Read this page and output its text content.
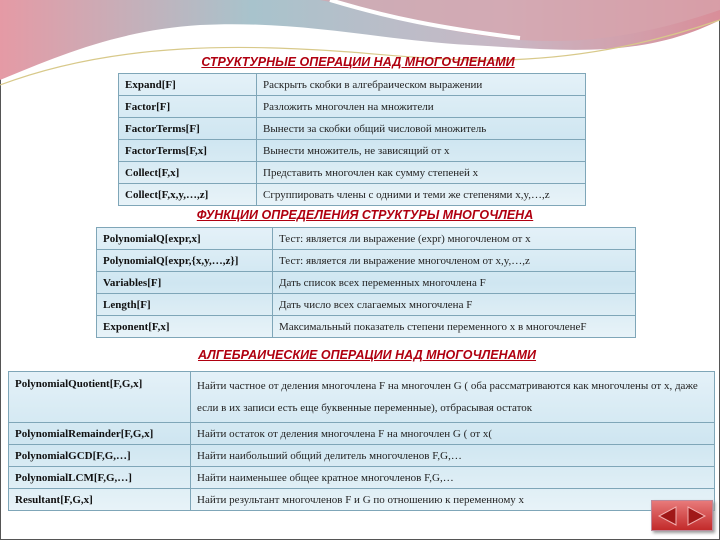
СТРУКТУРНЫЕ ОПЕРАЦИИ НАД МНОГОЧЛЕНАМИ
Expand[F]	Раскрыть скобки в алгебраическом выражении
Factor[F]	Разложить многочлен на множители
FactorTerms[F]	Вынести за скобки общий числовой множитель
FactorTerms[F,x]	Вынести множитель, не зависящий от x
Collect[F,x]	Представить многочлен как сумму степеней x
Collect[F,x,y,…,z]	Сгруппировать члены с одними и теми же степенями x,y,…,z
ФУНКЦИИ ОПРЕДЕЛЕНИЯ СТРУКТУРЫ МНОГОЧЛЕНА
PolynomialQ[expr,x]	Тест: является ли выражение (expr) многочленом от x
PolynomialQ[expr,{x,y,…,z}]	Тест: является ли выражение многочленом от x,y,…,z
Variables[F]	Дать список всех переменных многочлена F
Length[F]	Дать число всех слагаемых многочлена F
Exponent[F,x]	Максимальный показатель степени переменного x в многочленеF
АЛГЕБРАИЧЕСКИЕ ОПЕРАЦИИ НАД МНОГОЧЛЕНАМИ
PolynomialQuotient[F,G,x]	Найти частное от деления многочлена F на многочлен G ( оба рассматриваются как многочлены от x, даже если в их записи есть еще буквенные переменные), отбрасывая остаток
PolynomialRemainder[F,G,x]	Найти остаток от деления многочлена F на многочлен G ( от x(
PolynomialGCD[F,G,…]	Найти наибольший общий делитель многочленов F,G,…
PolynomialLCM[F,G,…]	Найти наименьшее общее кратное многочленов F,G,…
Resultant[F,G,x]	Найти результант многочленов F и G по отношению к переменному x
